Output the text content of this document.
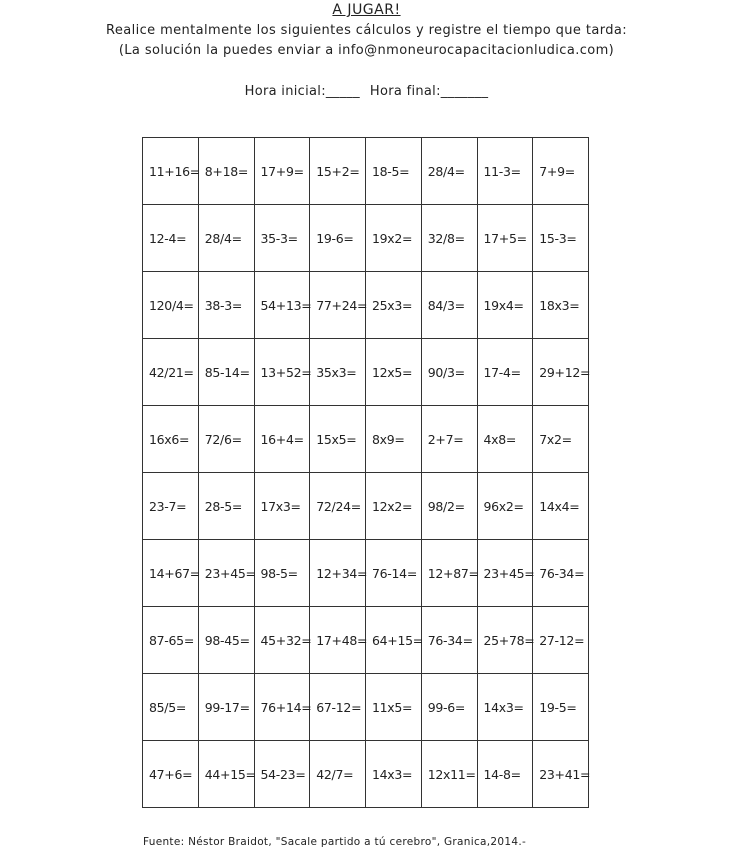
A JUGAR!
Realice mentalmente los siguientes cálculos y registre el tiempo que tarda:
(La solución la puedes enviar a info@nmoneurocapacitacionludica.com)
Hora inicial:_____ Hora final:_______
11+16=	8+18=	17+9=	15+2=	18-5=	28/4=	11-3=	7+9=
12-4=	28/4=	35-3=	19-6=	19x2=	32/8=	17+5=	15-3=
120/4=	38-3=	54+13=	77+24=	25x3=	84/3=	19x4=	18x3=
42/21=	85-14=	13+52=	35x3=	12x5=	90/3=	17-4=	29+12=
16x6=	72/6=	16+4=	15x5=	8x9=	2+7=	4x8=	7x2=
23-7=	28-5=	17x3=	72/24=	12x2=	98/2=	96x2=	14x4=
14+67=	23+45=	98-5=	12+34=	76-14=	12+87=	23+45=	76-34=
87-65=	98-45=	45+32=	17+48=	64+15=	76-34=	25+78=	27-12=
85/5=	99-17=	76+14=	67-12=	11x5=	99-6=	14x3=	19-5=
47+6=	44+15=	54-23=	42/7=	14x3=	12x11=	14-8=	23+41=
Fuente: Néstor Braidot, "Sacale partido a tú cerebro", Granica,2014.-
